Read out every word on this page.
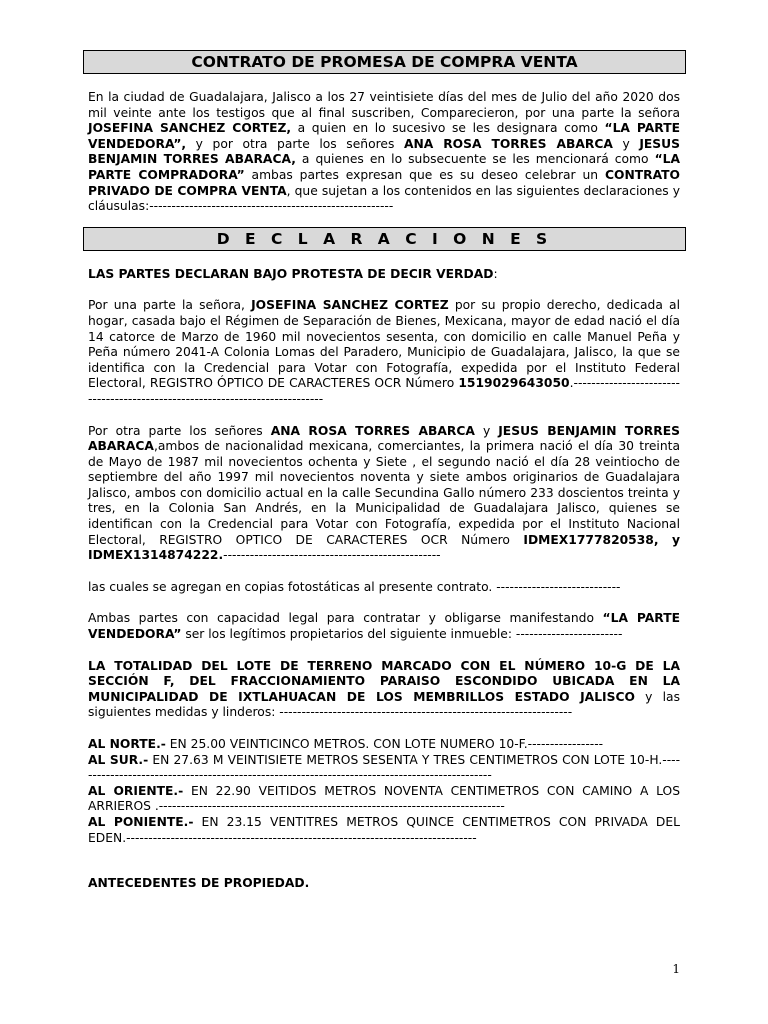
CONTRATO DE PROMESA DE COMPRA VENTA

En la ciudad de Guadalajara, Jalisco a los 27 veintisiete días del mes de Julio del año 2020 dos mil veinte ante los testigos que al final suscriben, Comparecieron, por una parte la señora JOSEFINA SANCHEZ CORTEZ, a quien en lo sucesivo se les designara como “LA PARTE VENDEDORA”, y por otra parte los señores ANA ROSA TORRES ABARCA y JESUS BENJAMIN TORRES ABARACA, a quienes en lo subsecuente se les mencionará como “LA PARTE COMPRADORA” ambas partes expresan que es su deseo celebrar un CONTRATO PRIVADO DE COMPRA VENTA, que sujetan a los contenidos en las siguientes declaraciones y cláusulas:-------------------------------------------------------

D E C L A R A C I O N E S

LAS PARTES DECLARAN BAJO PROTESTA DE DECIR VERDAD:

Por una parte la señora, JOSEFINA SANCHEZ CORTEZ por su propio derecho, dedicada al hogar, casada bajo el Régimen de Separación de Bienes, Mexicana, mayor de edad nació el día 14 catorce de Marzo de 1960 mil novecientos sesenta, con domicilio en calle Manuel Peña y Peña número 2041-A Colonia Lomas del Paradero, Municipio de Guadalajara, Jalisco, la que se identifica con la Credencial para Votar con Fotografía, expedida por el Instituto Federal Electoral, REGISTRO ÓPTICO DE CARACTERES OCR Número 1519029643050.-----------------------------------------------------------------------------

Por otra parte los señores ANA ROSA TORRES ABARCA y JESUS BENJAMIN TORRES ABARACA,ambos de nacionalidad mexicana, comerciantes, la primera nació el día 30 treinta de Mayo de 1987 mil novecientos ochenta y Siete , el segundo nació el día 28 veintiocho de septiembre del año 1997 mil novecientos noventa y siete ambos originarios de Guadalajara Jalisco, ambos con domicilio actual en la calle Secundina Gallo número 233 doscientos treinta y tres, en la Colonia San Andrés, en la Municipalidad de Guadalajara Jalisco, quienes se identifican con la Credencial para Votar con Fotografía, expedida por el Instituto Nacional Electoral, REGISTRO OPTICO DE CARACTERES OCR Número IDMEX1777820538, y IDMEX1314874222.-------------------------------------------------

las cuales se agregan en copias fotostáticas al presente contrato. ----------------------------

Ambas partes con capacidad legal para contratar y obligarse manifestando “LA PARTE VENDEDORA” ser los legítimos propietarios del siguiente inmueble: ------------------------

LA TOTALIDAD DEL LOTE DE TERRENO MARCADO CON EL NÚMERO 10-G DE LA SECCIÓN F, DEL FRACCIONAMIENTO PARAISO ESCONDIDO UBICADA EN LA MUNICIPALIDAD DE IXTLAHUACAN DE LOS MEMBRILLOS ESTADO JALISCO y las siguientes medidas y linderos: ------------------------------------------------------------------

AL NORTE.- EN 25.00 VEINTICINCO METROS. CON LOTE NUMERO 10-F.-----------------

AL SUR.- EN 27.63 M VEINTISIETE METROS SESENTA Y TRES CENTIMETROS CON LOTE 10-H.-----------------------------------------------------------------------------------------------

AL ORIENTE.- EN 22.90 VEITIDOS METROS NOVENTA CENTIMETROS CON CAMINO A LOS ARRIEROS .------------------------------------------------------------------------------

AL PONIENTE.- EN 23.15 VENTITRES METROS QUINCE CENTIMETROS CON PRIVADA DEL EDEN.-------------------------------------------------------------------------------

ANTECEDENTES DE PROPIEDAD.

1
